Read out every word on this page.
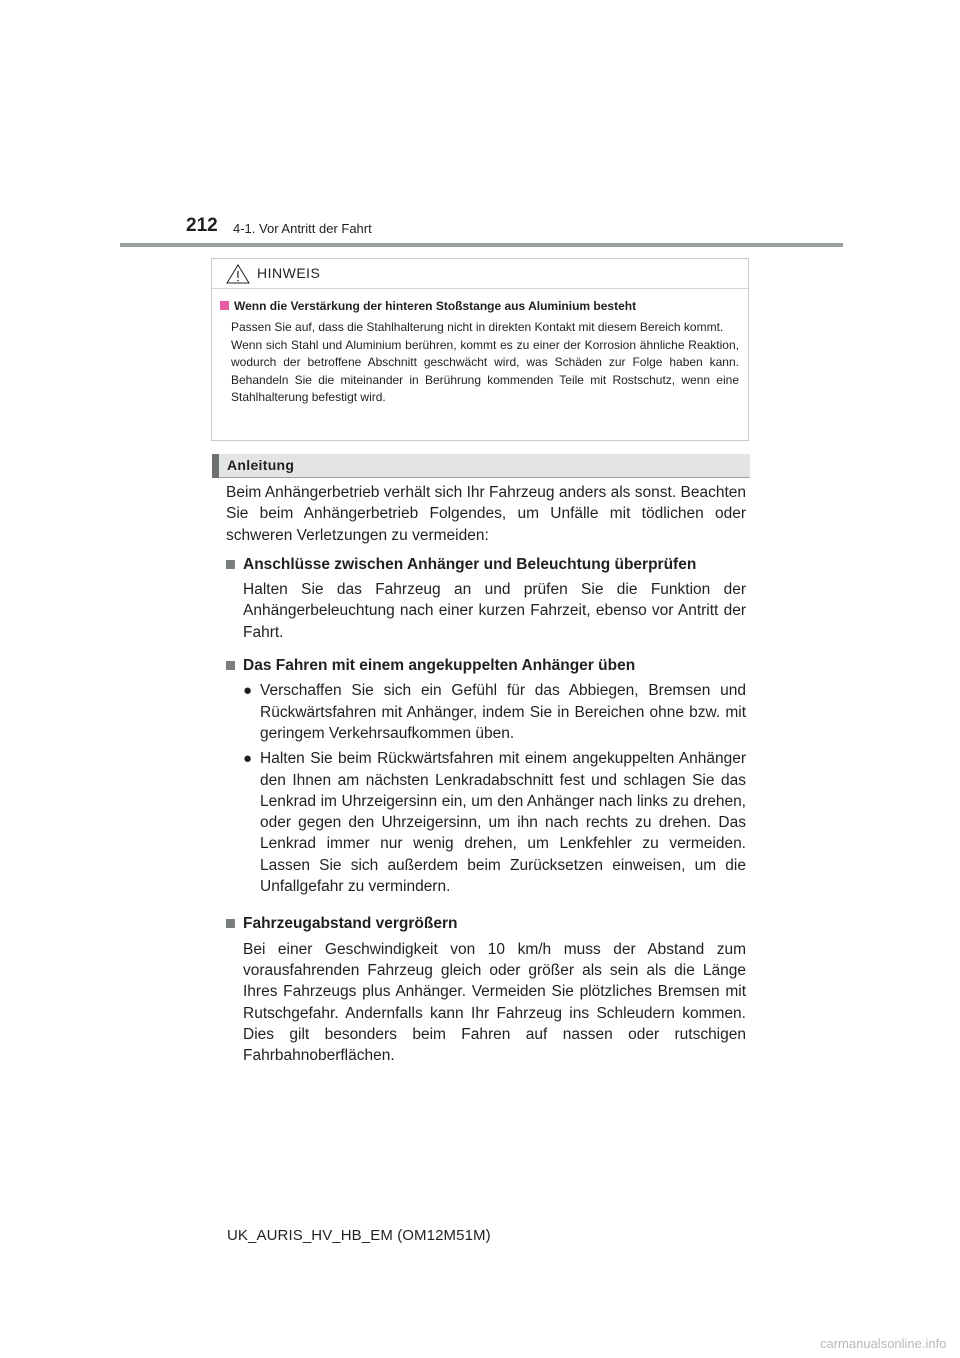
212 4-1. Vor Antritt der Fahrt
HINWEIS
Wenn die Verstärkung der hinteren Stoßstange aus Aluminium besteht

Passen Sie auf, dass die Stahlhalterung nicht in direkten Kontakt mit diesem Bereich kommt.

Wenn sich Stahl und Aluminium berühren, kommt es zu einer der Korrosion ähnliche Reaktion, wodurch der betroffene Abschnitt geschwächt wird, was Schäden zur Folge haben kann. Behandeln Sie die miteinander in Berührung kommenden Teile mit Rostschutz, wenn eine Stahlhalterung befestigt wird.

Anleitung

Beim Anhängerbetrieb verhält sich Ihr Fahrzeug anders als sonst. Beachten Sie beim Anhängerbetrieb Folgendes, um Unfälle mit tödlichen oder schweren Verletzungen zu vermeiden:

Anschlüsse zwischen Anhänger und Beleuchtung überprüfen

Halten Sie das Fahrzeug an und prüfen Sie die Funktion der Anhängerbeleuchtung nach einer kurzen Fahrzeit, ebenso vor Antritt der Fahrt.

Das Fahren mit einem angekuppelten Anhänger üben
● Verschaffen Sie sich ein Gefühl für das Abbiegen, Bremsen und Rückwärtsfahren mit Anhänger, indem Sie in Bereichen ohne bzw. mit geringem Verkehrsaufkommen üben.

● Halten Sie beim Rückwärtsfahren mit einem angekuppelten Anhänger den Ihnen am nächsten Lenkradabschnitt fest und schlagen Sie das Lenkrad im Uhrzeigersinn ein, um den Anhänger nach links zu drehen, oder gegen den Uhrzeigersinn, um ihn nach rechts zu drehen. Das Lenkrad immer nur wenig drehen, um Lenkfehler zu vermeiden. Lassen Sie sich außerdem beim Zurücksetzen einweisen, um die Unfallgefahr zu vermindern.

Fahrzeugabstand vergrößern

Bei einer Geschwindigkeit von 10 km/h muss der Abstand zum vorausfahrenden Fahrzeug gleich oder größer als sein als die Länge Ihres Fahrzeugs plus Anhänger. Vermeiden Sie plötzliches Bremsen mit Rutschgefahr. Andernfalls kann Ihr Fahrzeug ins Schleudern kommen. Dies gilt besonders beim Fahren auf nassen oder rutschigen Fahrbahnoberflächen.

UK_AURIS_HV_HB_EM (OM12M51M)
carmanualsonline.info
